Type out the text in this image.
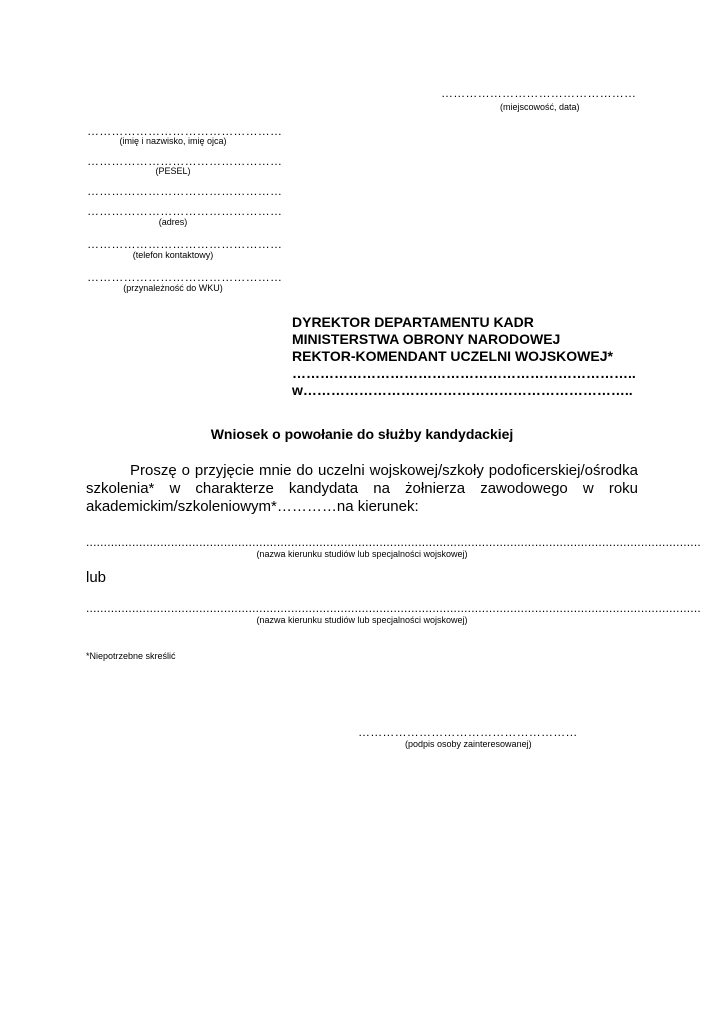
…………………………………………
(miejscowość, data)
…………………………………………
(imię i nazwisko, imię ojca)
…………………………………………
(PESEL)
…………………………………………
…………………………………………
(adres)
…………………………………………
(telefon kontaktowy)
…………………………………………
(przynależność do WKU)
DYREKTOR DEPARTAMENTU KADR
MINISTERSTWA OBRONY NARODOWEJ
REKTOR-KOMENDANT UCZELNI WOJSKOWEJ*
………………………………………………………………..
w……………………………………………………………..
Wniosek o powołanie do służby kandydackiej
Proszę o przyjęcie mnie do uczelni wojskowej/szkoły podoficerskiej/ośrodka
szkolenia* w charakterze kandydata na żołnierza zawodowego w roku
akademickim/szkoleniowym*…………na kierunek:
..............................................................................................................................................................................
(nazwa kierunku studiów lub specjalności wojskowej)
lub
..............................................................................................................................................................................
(nazwa kierunku studiów lub specjalności wojskowej)
*Niepotrzebne skreślić
………………………………………………
(podpis osoby zainteresowanej)
